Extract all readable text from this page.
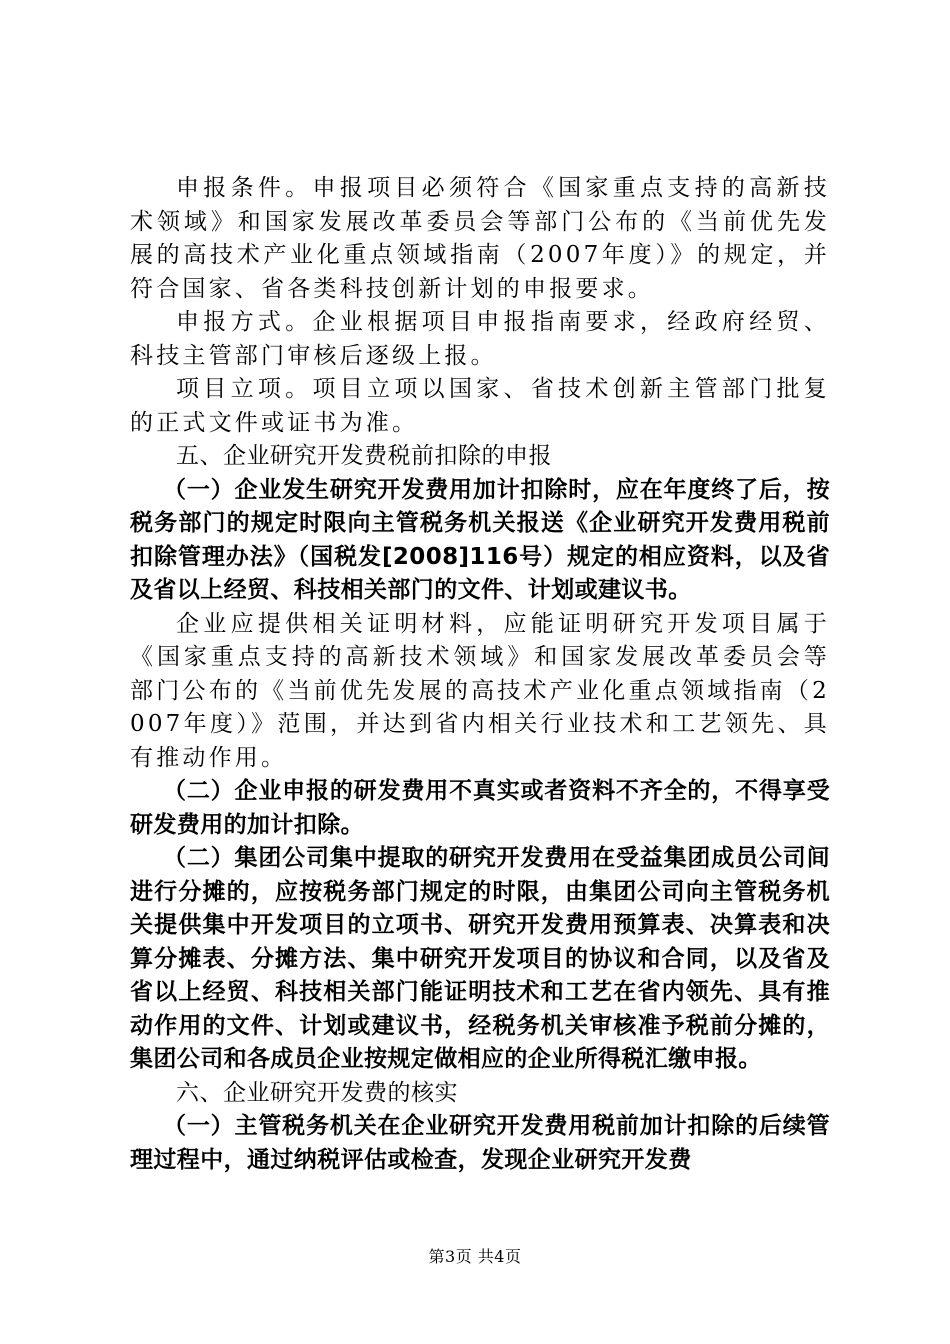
申报条件。申报项目必须符合《国家重点支持的高新技术领域》和国家发展改革委员会等部门公布的《当前优先发展的高技术产业化重点领域指南（2007年度）》的规定，并符合国家、省各类科技创新计划的申报要求。

申报方式。企业根据项目申报指南要求，经政府经贸、科技主管部门审核后逐级上报。

项目立项。项目立项以国家、省技术创新主管部门批复的正式文件或证书为准。

五、企业研究开发费税前扣除的申报

（一）企业发生研究开发费用加计扣除时，应在年度终了后，按税务部门的规定时限向主管税务机关报送《企业研究开发费用税前扣除管理办法》（国税发[2008]116号）规定的相应资料，以及省及省以上经贸、科技相关部门的文件、计划或建议书。

企业应提供相关证明材料，应能证明研究开发项目属于《国家重点支持的高新技术领域》和国家发展改革委员会等部门公布的《当前优先发展的高技术产业化重点领域指南（2007年度）》范围，并达到省内相关行业技术和工艺领先、具有推动作用。

（二）企业申报的研发费用不真实或者资料不齐全的，不得享受研发费用的加计扣除。

（二）集团公司集中提取的研究开发费用在受益集团成员公司间进行分摊的，应按税务部门规定的时限，由集团公司向主管税务机关提供集中开发项目的立项书、研究开发费用预算表、决算表和决算分摊表、分摊方法、集中研究开发项目的协议和合同，以及省及省以上经贸、科技相关部门能证明技术和工艺在省内领先、具有推动作用的文件、计划或建议书，经税务机关审核准予税前分摊的，集团公司和各成员企业按规定做相应的企业所得税汇缴申报。

六、企业研究开发费的核实

（一）主管税务机关在企业研究开发费用税前加计扣除的后续管理过程中，通过纳税评估或检查，发现企业研究开发费

第3页 共4页
